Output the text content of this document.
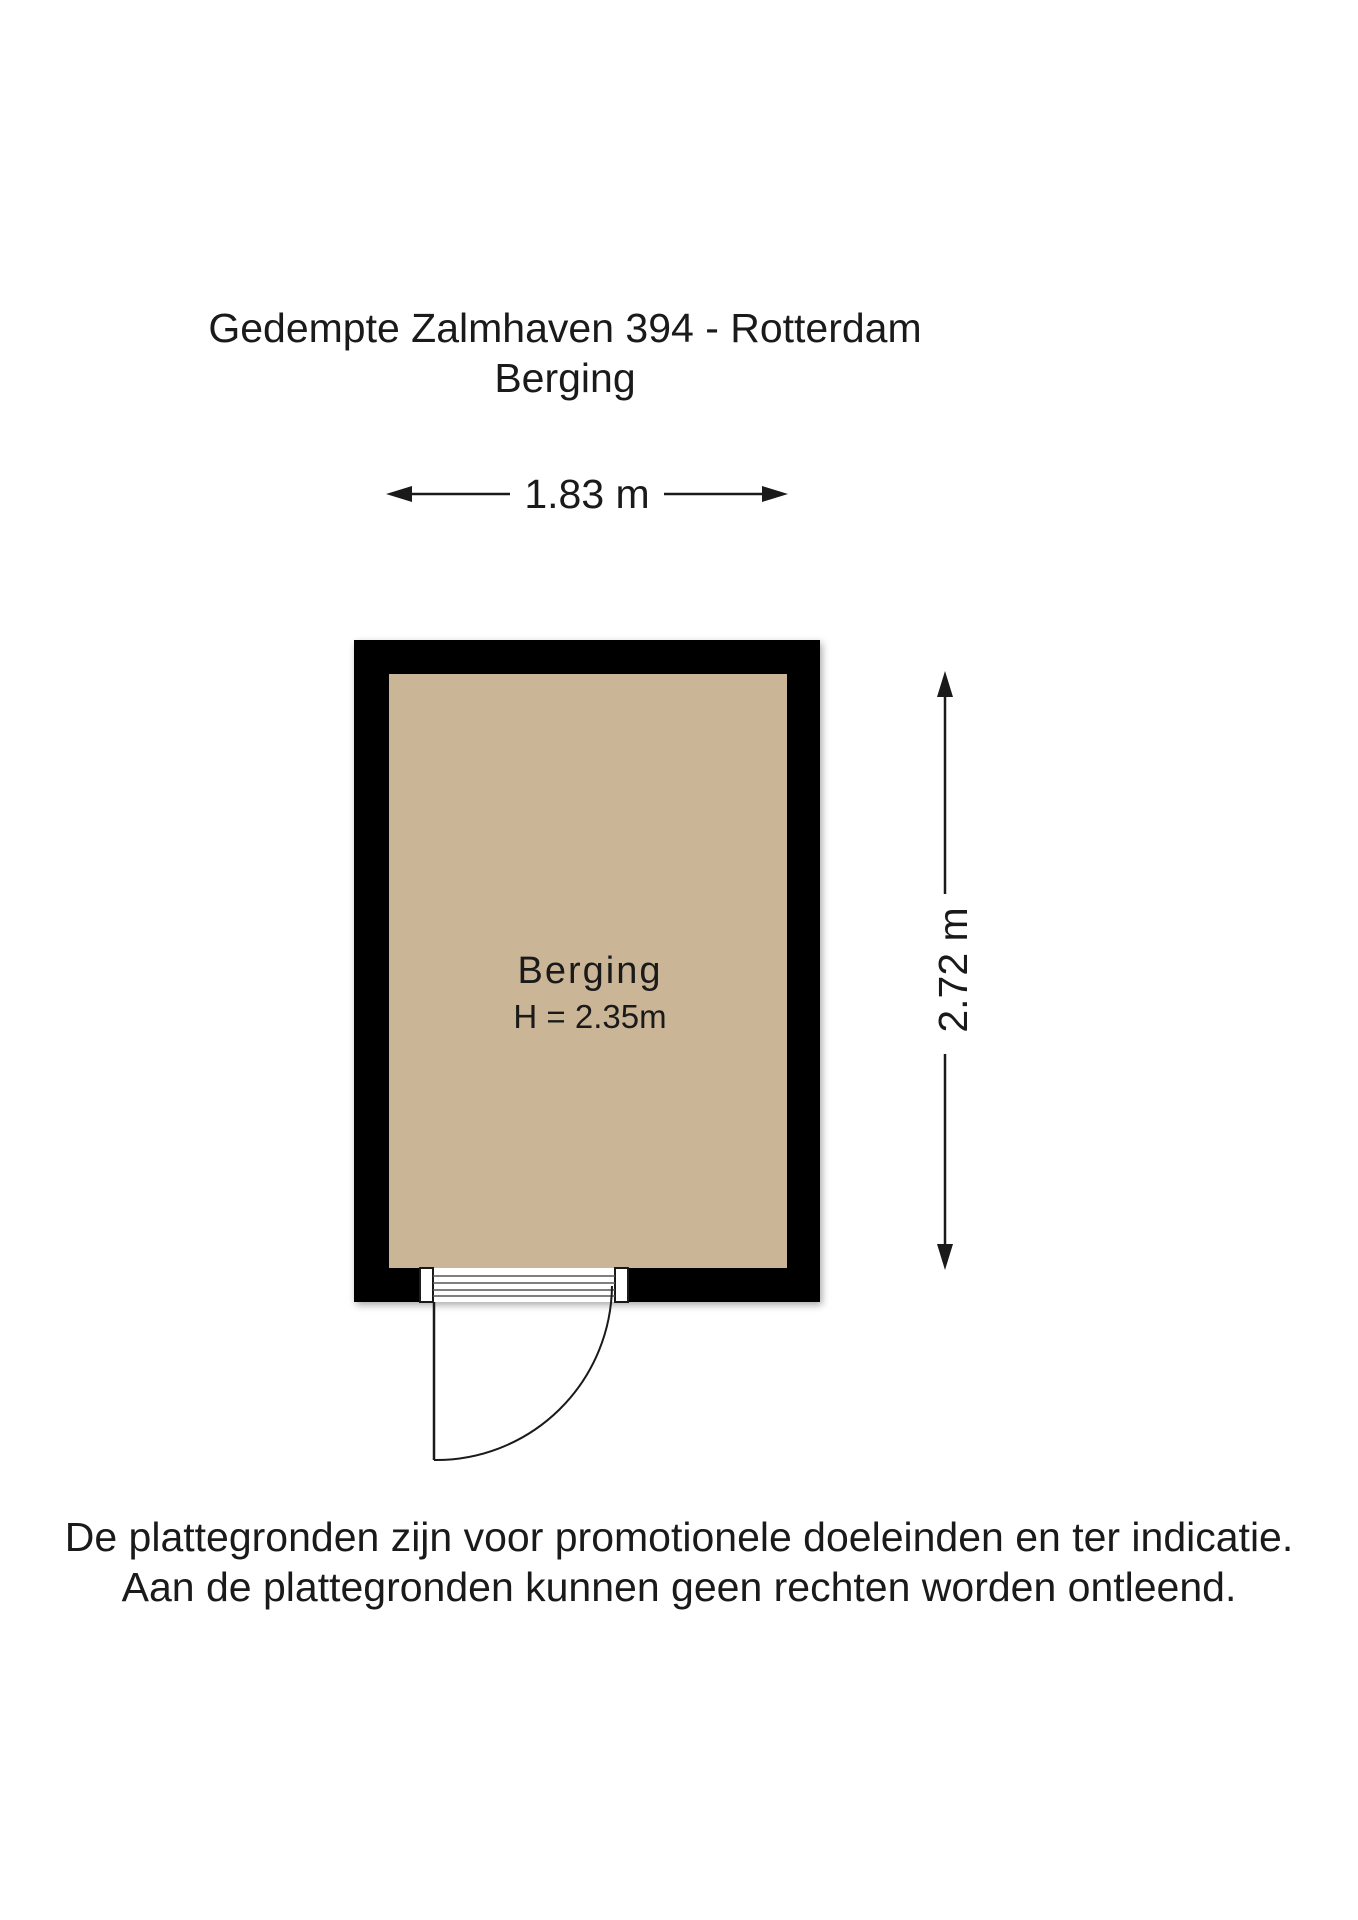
Gedempte Zalmhaven 394 - Rotterdam
Berging
1.83 m
2.72 m
Berging
H = 2.35m
De plattegronden zijn voor promotionele doeleinden en ter indicatie.
Aan de plattegronden kunnen geen rechten worden ontleend.
